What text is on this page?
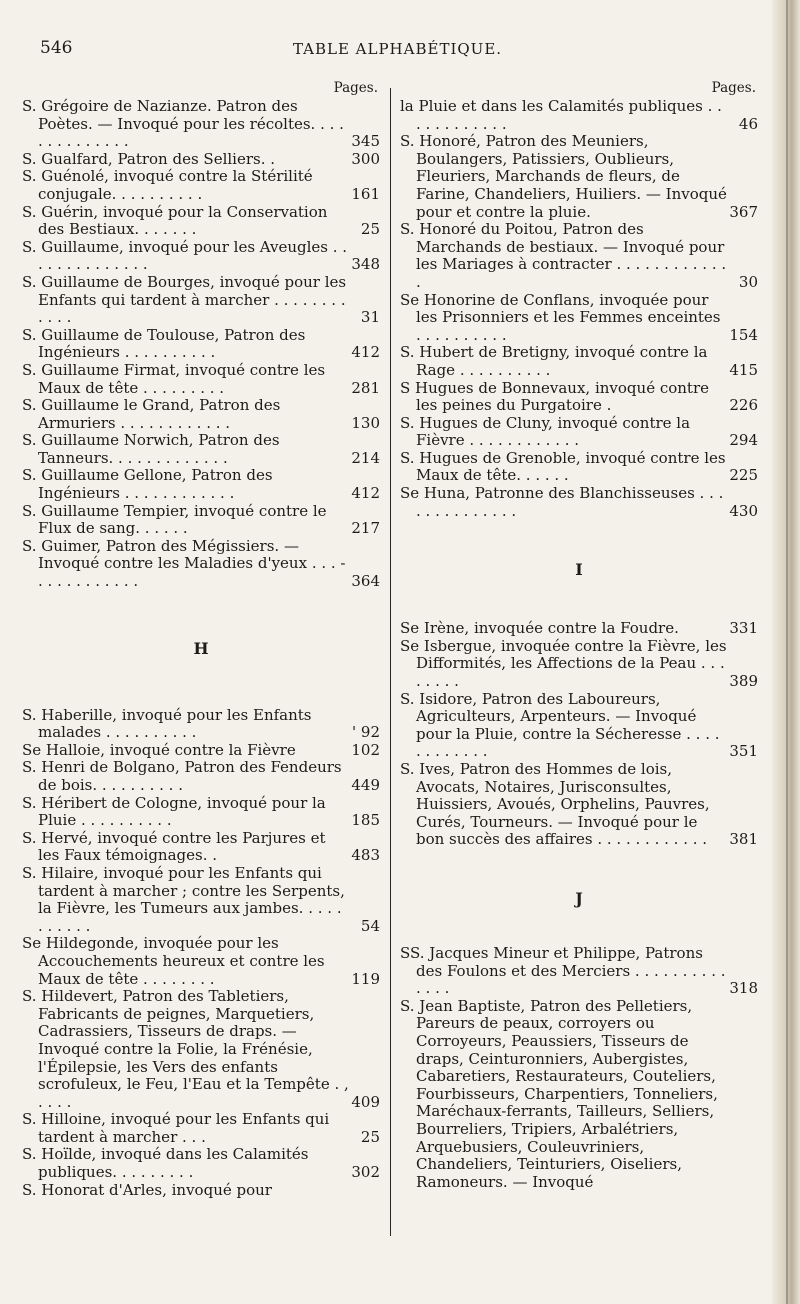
546	TABLE ALPHABÉTIQUE.
Pages.
S. Grégoire de Nazianze. Patron des Poètes. — Invoqué pour les récoltes. . . . . . . . . . . . . .	345
S. Gualfard, Patron des Selliers. .	300
S. Guénolé, invoqué contre la Stérilité conjugale. . . . . . . . . .	161
S. Guérin, invoqué pour la Conservation des Bestiaux. . . . . . .	25
S. Guillaume, invoqué pour les Aveugles . . . . . . . . . . . . . .	348
S. Guillaume de Bourges, invoqué pour les Enfants qui tardent à marcher . . . . . . . . . . . .	31
S. Guillaume de Toulouse, Patron des Ingénieurs . . . . . . . . . .	412
S. Guillaume Firmat, invoqué contre les Maux de tête . . . . . . . . .	281
S. Guillaume le Grand, Patron des Armuriers . . . . . . . . . . . .	130
S. Guillaume Norwich, Patron des Tanneurs. . . . . . . . . . . . .	214
S. Guillaume Gellone, Patron des Ingénieurs . . . . . . . . . . . .	412
S. Guillaume Tempier, invoqué contre le Flux de sang. . . . . .	217
S. Guimer, Patron des Mégissiers. — Invoqué contre les Maladies d'yeux . . . - . . . . . . . . . . .	364
H
S. Haberille, invoqué pour les Enfants malades . . . . . . . . . .	' 92
Se Halloie, invoqué contre la Fièvre	102
S. Henri de Bolgano, Patron des Fendeurs de bois. . . . . . . . . .	449
S. Héribert de Cologne, invoqué pour la Pluie . . . . . . . . . .	185
S. Hervé, invoqué contre les Parjures et les Faux témoignages. .	483
S. Hilaire, invoqué pour les Enfants qui tardent à marcher ; contre les Serpents, la Fièvre, les Tumeurs aux jambes. . . . . . . . . . .	54
Se Hildegonde, invoquée pour les Accouchements heureux et contre les Maux de tête . . . . . . . .	119
S. Hildevert, Patron des Tabletiers, Fabricants de peignes, Marquetiers, Cadrassiers, Tisseurs de draps. — Invoqué contre la Folie, la Frénésie, l'Épilepsie, les Vers des enfants scrofuleux, le Feu, l'Eau et la Tempête . , . . . .	409
S. Hilloine, invoqué pour les Enfants qui tardent à marcher . . .	25
S. Hoïlde, invoqué dans les Calamités publiques. . . . . . . . .	302
S. Honorat d'Arles, invoqué pour
Pages.
la Pluie et dans les Calamités publiques . . . . . . . . . . . .	46
S. Honoré, Patron des Meuniers, Boulangers, Patissiers, Oublieurs, Fleuriers, Marchands de fleurs, de Farine, Chandeliers, Huiliers. — Invoqué pour et contre la pluie.	367
S. Honoré du Poitou, Patron des Marchands de bestiaux. — Invoqué pour les Mariages à contracter . . . . . . . . . . . . .	30
Se Honorine de Conflans, invoquée pour les Prisonniers et les Femmes enceintes . . . . . . . . . .	154
S. Hubert de Bretigny, invoqué contre la Rage . . . . . . . . . .	415
S Hugues de Bonnevaux, invoqué contre les peines du Purgatoire .	226
S. Hugues de Cluny, invoqué contre la Fièvre . . . . . . . . . . . .	294
S. Hugues de Grenoble, invoqué contre les Maux de tête. . . . . .	225
Se Huna, Patronne des Blanchisseuses . . . . . . . . . . . . . .	430
I
Se Irène, invoquée contre la Foudre.	331
Se Isbergue, invoquée contre la Fièvre, les Difformités, les Affections de la Peau . . . . . . . .	389
S. Isidore, Patron des Laboureurs, Agriculteurs, Arpenteurs. — Invoqué pour la Pluie, contre la Sécheresse . . . . . . . . . . . .	351
S. Ives, Patron des Hommes de lois, Avocats, Notaires, Jurisconsultes, Huissiers, Avoués, Orphelins, Pauvres, Curés, Tourneurs. — Invoqué pour le bon succès des affaires . . . . . . . . . . . .	381
J
SS. Jacques Mineur et Philippe, Patrons des Foulons et des Merciers . . . . . . . . . . . . . .	318
S. Jean Baptiste, Patron des Pelletiers, Pareurs de peaux, corroyers ou Corroyeurs, Peaussiers, Tisseurs de draps, Ceinturonniers, Aubergistes, Cabaretiers, Restaurateurs, Couteliers, Fourbisseurs, Charpentiers, Tonneliers, Maréchaux-ferrants, Tailleurs, Selliers, Bourreliers, Tripiers, Arbalétriers, Arquebusiers, Couleuvriniers, Chandeliers, Teinturiers, Oiseliers, Ramoneurs. — Invoqué
